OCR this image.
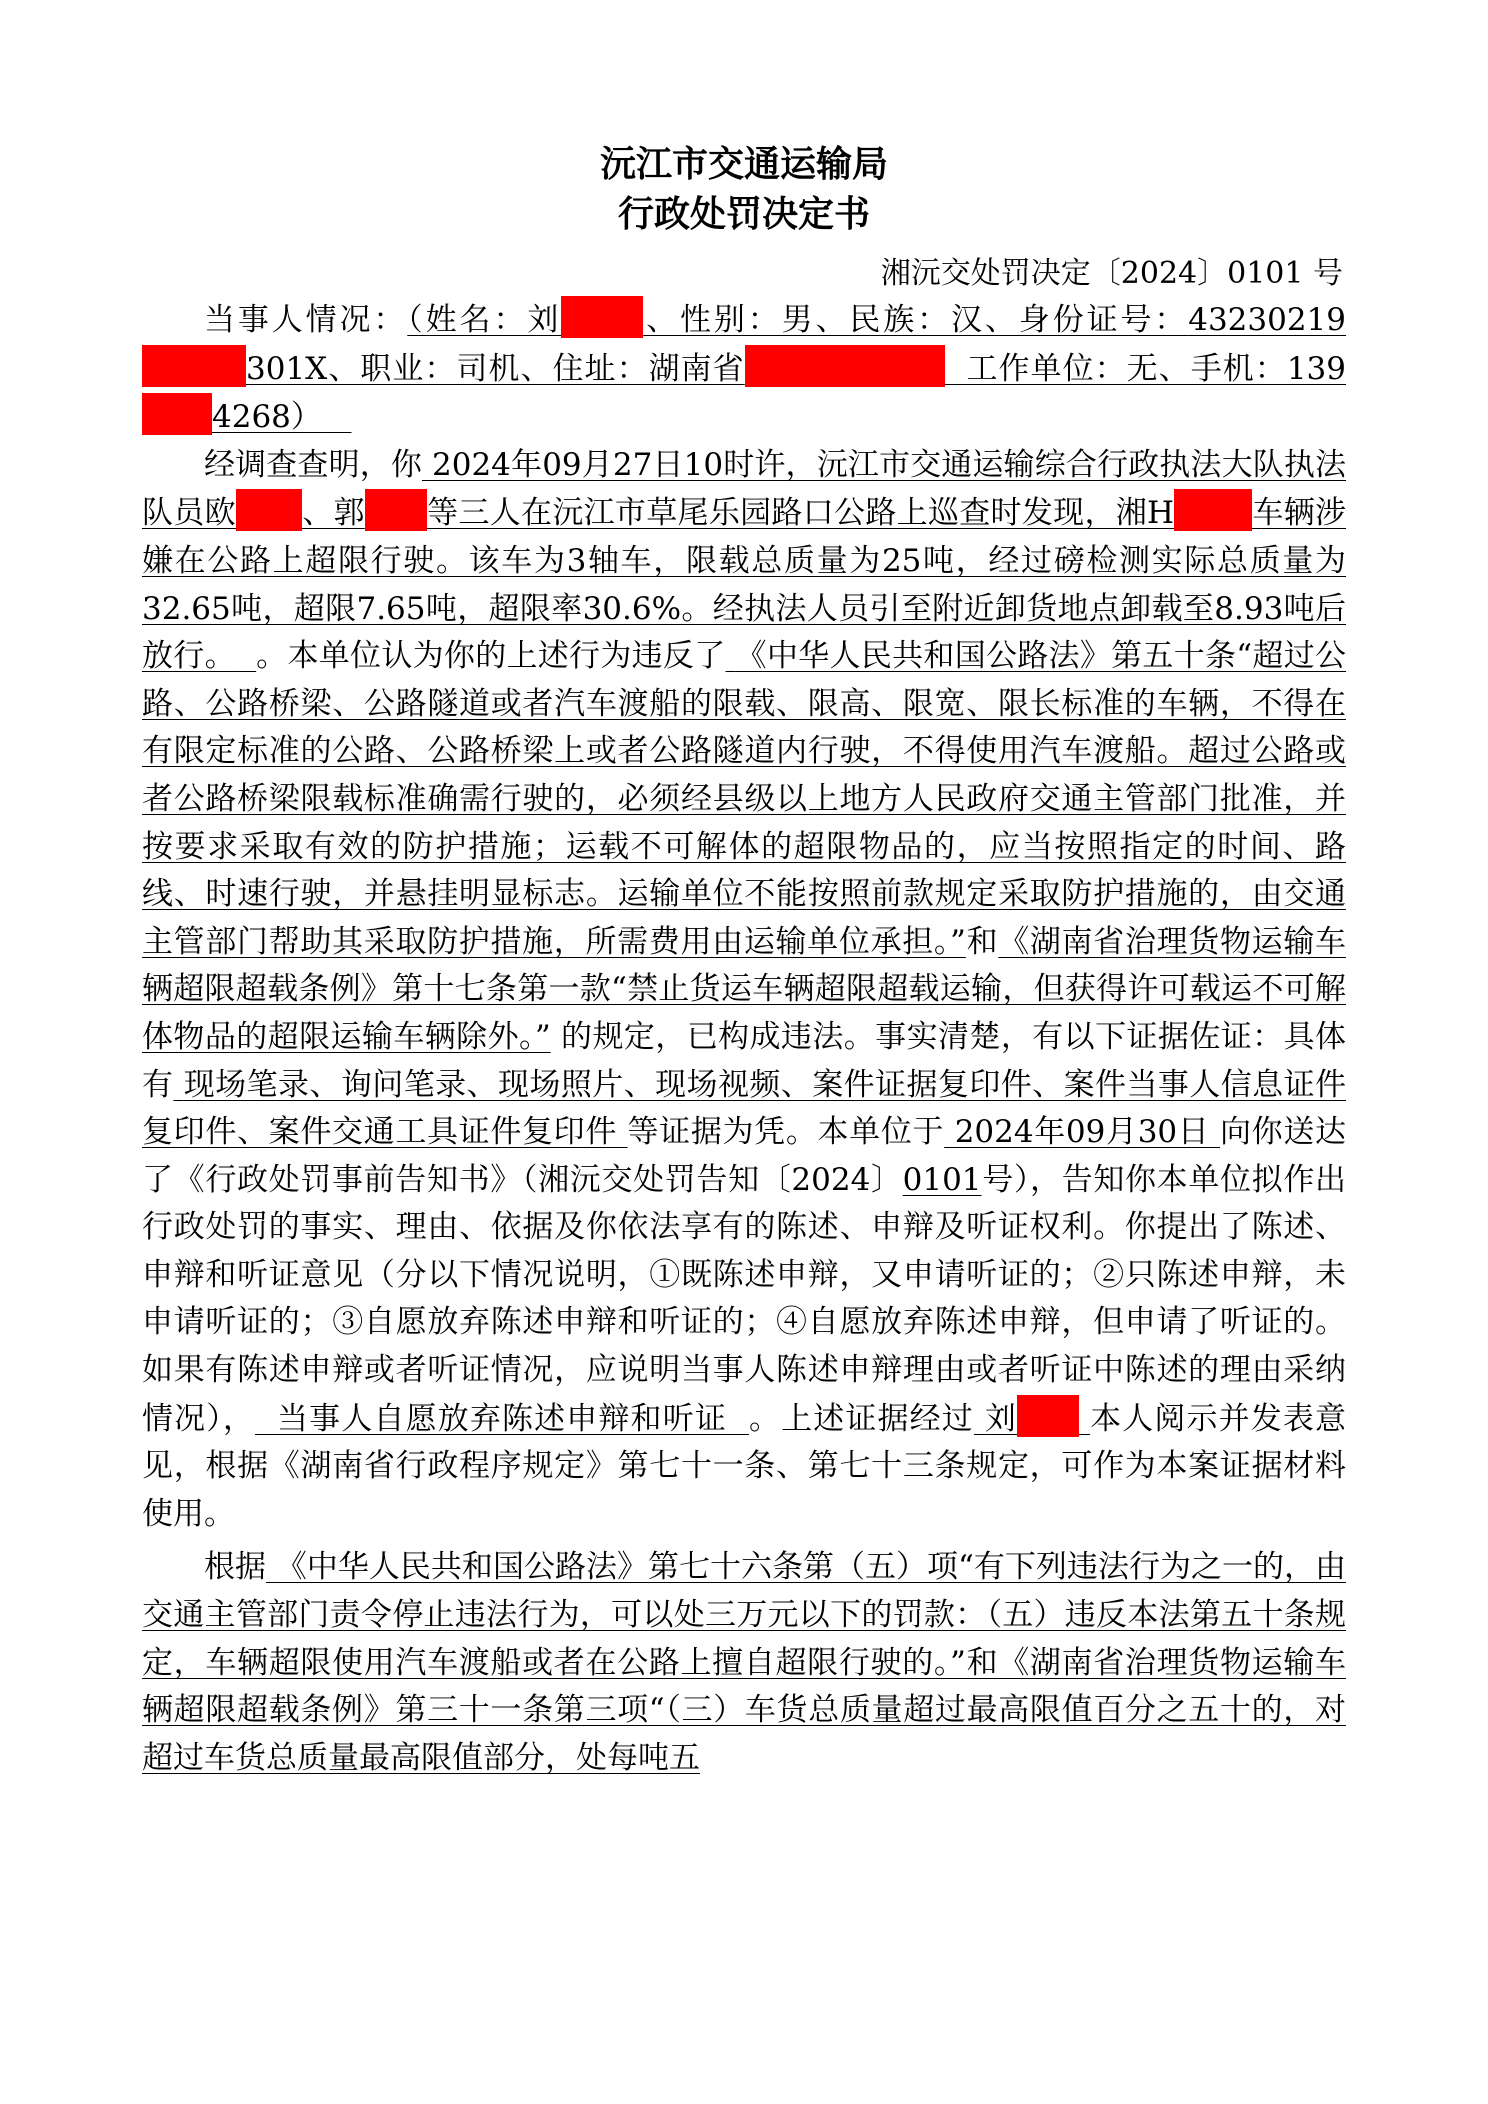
沅江市交通运输局
行政处罚决定书
湘沅交处罚决定〔2024〕0101 号

当事人情况：（姓名：刘	、性别：男、民族：汉、身份证号：43230219301X、职业：司机、住址：湖南省	工作单位：无、手机：1394268）

经调查查明，你 2024年09月27日10时许，沅江市交通运输综合行政执法大队执法队员欧 、郭 等三人在沅江市草尾乐园路口公路上巡查时发现，湘H	车辆涉嫌在公路上超限行驶。该车为3轴车，限载总质量为25吨，经过磅检测实际总质量为32.65吨，超限7.65吨，超限率30.6%。经执法人员引至附近卸货地点卸载至8.93吨后放行。 。本单位认为你的上述行为违反了 《中华人民共和国公路法》第五十条“超过公路、公路桥梁、公路隧道或者汽车渡船的限载、限高、限宽、限长标准的车辆，不得在有限定标准的公路、公路桥梁上或者公路隧道内行驶，不得使用汽车渡船。超过公路或者公路桥梁限载标准确需行驶的，必须经县级以上地方人民政府交通主管部门批准，并按要求采取有效的防护措施；运载不可解体的超限物品的，应当按照指定的时间、路线、时速行驶，并悬挂明显标志。运输单位不能按照前款规定采取防护措施的，由交通主管部门帮助其采取防护措施，所需费用由运输单位承担。”和《湖南省治理货物运输车辆超限超载条例》第十七条第一款“禁止货运车辆超限超载运输，但获得许可载运不可解体物品的超限运输车辆除外。” 的规定，已构成违法。事实清楚，有以下证据佐证：具体有 现场笔录、询问笔录、现场照片、现场视频、案件证据复印件、案件当事人信息证件复印件、案件交通工具证件复印件 等证据为凭。本单位于 2024年09月30日 向你送达了《行政处罚事前告知书》（湘沅交处罚告知〔2024〕0101号），告知你本单位拟作出行政处罚的事实、理由、依据及你依法享有的陈述、申辩及听证权利。你提出了陈述、申辩和听证意见（分以下情况说明，①既陈述申辩，又申请听证的；②只陈述申辩，未申请听证的；③自愿放弃陈述申辩和听证的；④自愿放弃陈述申辩，但申请了听证的。如果有陈述申辩或者听证情况，应说明当事人陈述申辩理由或者听证中陈述的理由采纳情况）， 当事人自愿放弃陈述申辩和听证 。上述证据经过 刘 本人阅示并发表意见，根据《湖南省行政程序规定》第七十一条、第七十三条规定，可作为本案证据材料使用。

根据 《中华人民共和国公路法》第七十六条第（五）项“有下列违法行为之一的，由交通主管部门责令停止违法行为，可以处三万元以下的罚款：（五）违反本法第五十条规定，车辆超限使用汽车渡船或者在公路上擅自超限行驶的。”和《湖南省治理货物运输车辆超限超载条例》第三十一条第三项“（三）车货总质量超过最高限值百分之五十的，对超过车货总质量最高限值部分，处每吨五
